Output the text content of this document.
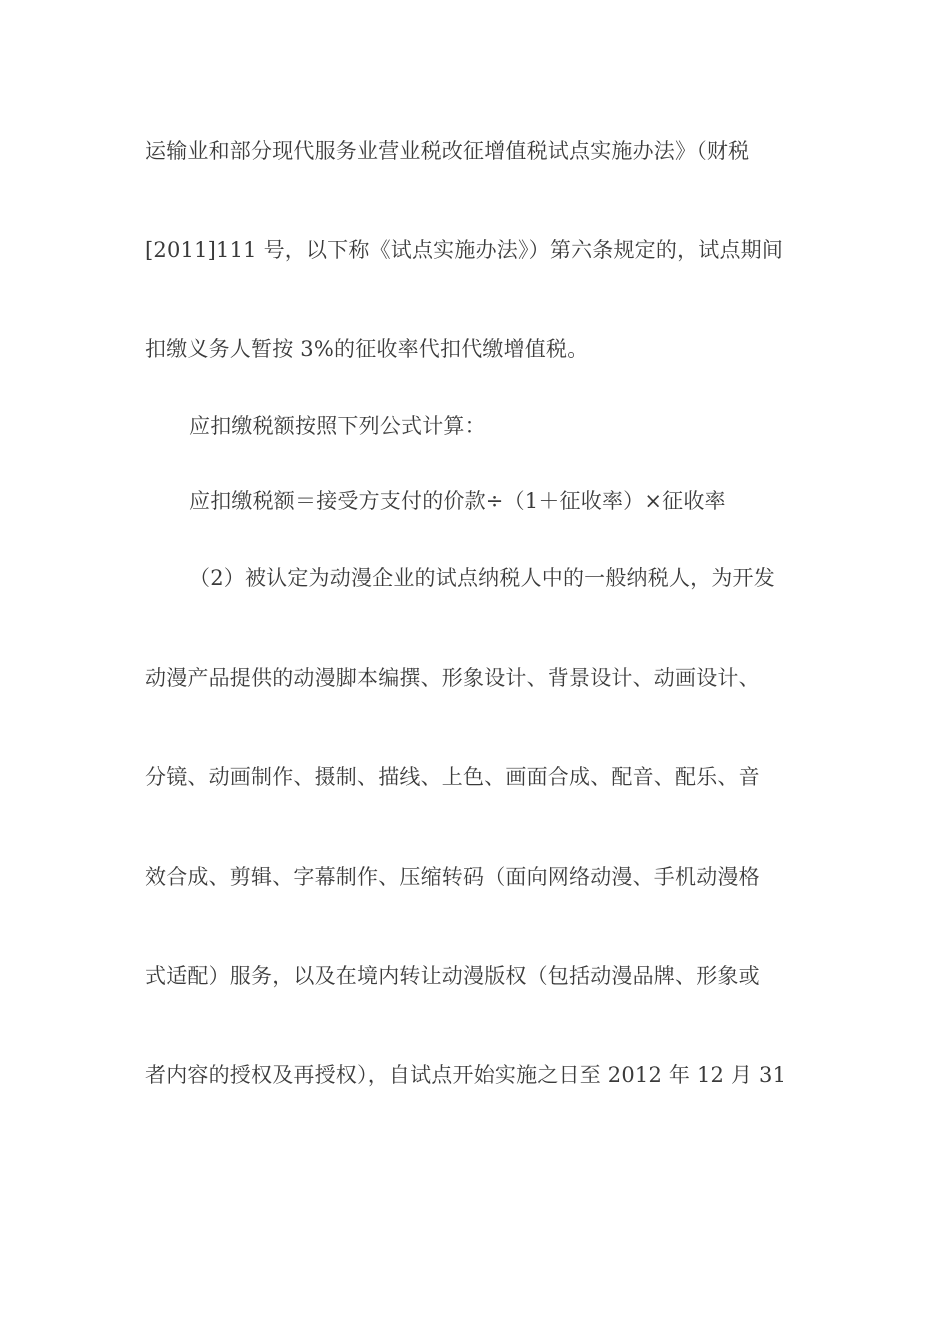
运输业和部分现代服务业营业税改征增值税试点实施办法》（财税
[2011]111 号，以下称《试点实施办法》）第六条规定的，试点期间
扣缴义务人暂按 3%的征收率代扣代缴增值税。
应扣缴税额按照下列公式计算：
应扣缴税额＝接受方支付的价款÷（1＋征收率）×征收率
（2）被认定为动漫企业的试点纳税人中的一般纳税人，为开发
动漫产品提供的动漫脚本编撰、形象设计、背景设计、动画设计、
分镜、动画制作、摄制、描线、上色、画面合成、配音、配乐、音
效合成、剪辑、字幕制作、压缩转码（面向网络动漫、手机动漫格
式适配）服务，以及在境内转让动漫版权（包括动漫品牌、形象或
者内容的授权及再授权），自试点开始实施之日至 2012 年 12 月 31
